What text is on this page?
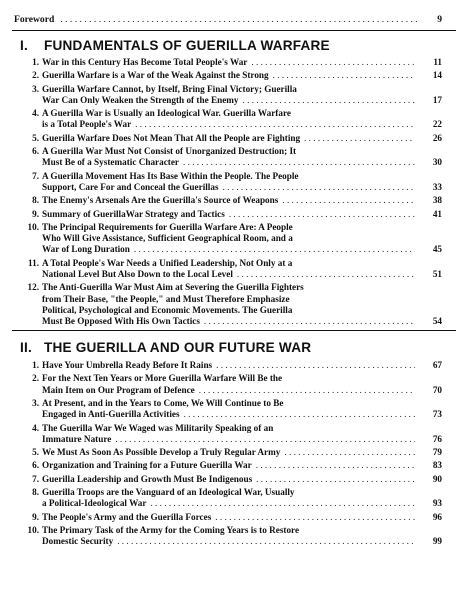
Foreword . . .	9
I. FUNDAMENTALS OF GUERILLA WARFARE
1. War in this Century Has Become Total People's War . . .	11
2. Guerilla Warfare is a War of the Weak Against the Strong . . .	14
3. Guerilla Warfare Cannot, by Itself, Bring Final Victory; Guerilla
War Can Only Weaken the Strength of the Enemy . . .	17
4. A Guerilla War is Usually an Ideological War. Guerilla Warfare
is a Total People's War . . .	22
5. Guerilla Warfare Does Not Mean That All the People are Fighting . . .	26
6. A Guerilla War Must Not Consist of Unorganized Destruction; It
Must Be of a Systematic Character . . .	30
7. A Guerilla Movement Has Its Base Within the People. The People
Support, Care For and Conceal the Guerillas . . .	33
8. The Enemy's Arsenals Are the Guerilla's Source of Weapons . . .	38
9. Summary of GuerillaWar Strategy and Tactics . . .	41
10. The Principal Requirements for Guerilla Warfare Are: A People
Who Will Give Assistance, Sufficient Geographical Room, and a
War of Long Duration . . .	45
11. A Total People's War Needs a Unified Leadership, Not Only at a
National Level But Also Down to the Local Level . . .	51
12. The Anti-Guerilla War Must Aim at Severing the Guerilla Fighters
from Their Base, "the People," and Must Therefore Emphasize
Political, Psychological and Economic Movements. The Guerilla
Must Be Opposed With His Own Tactics . . .	54
II. THE GUERILLA AND OUR FUTURE WAR
1. Have Your Umbrella Ready Before It Rains . . .	67
2. For the Next Ten Years or More Guerilla Warfare Will Be the
Main Item on Our Program of Defence . . .	70
3. At Present, and in the Years to Come, We Will Continue to Be
Engaged in Anti-Guerilla Activities . . .	73
4. The Guerilla War We Waged was Militarily Speaking of an
Immature Nature . . .	76
5. We Must As Soon As Possible Develop a Truly Regular Army . . .	79
6. Organization and Training for a Future Guerilla War . . .	83
7. Guerilla Leadership and Growth Must Be Indigenous . . .	90
8. Guerilla Troops are the Vanguard of an Ideological War, Usually
a Political-Ideological War . . .	93
9. The People's Army and the Guerilla Forces . . .	96
10. The Primary Task of the Army for the Coming Years is to Restore
Domestic Security . . .	99
